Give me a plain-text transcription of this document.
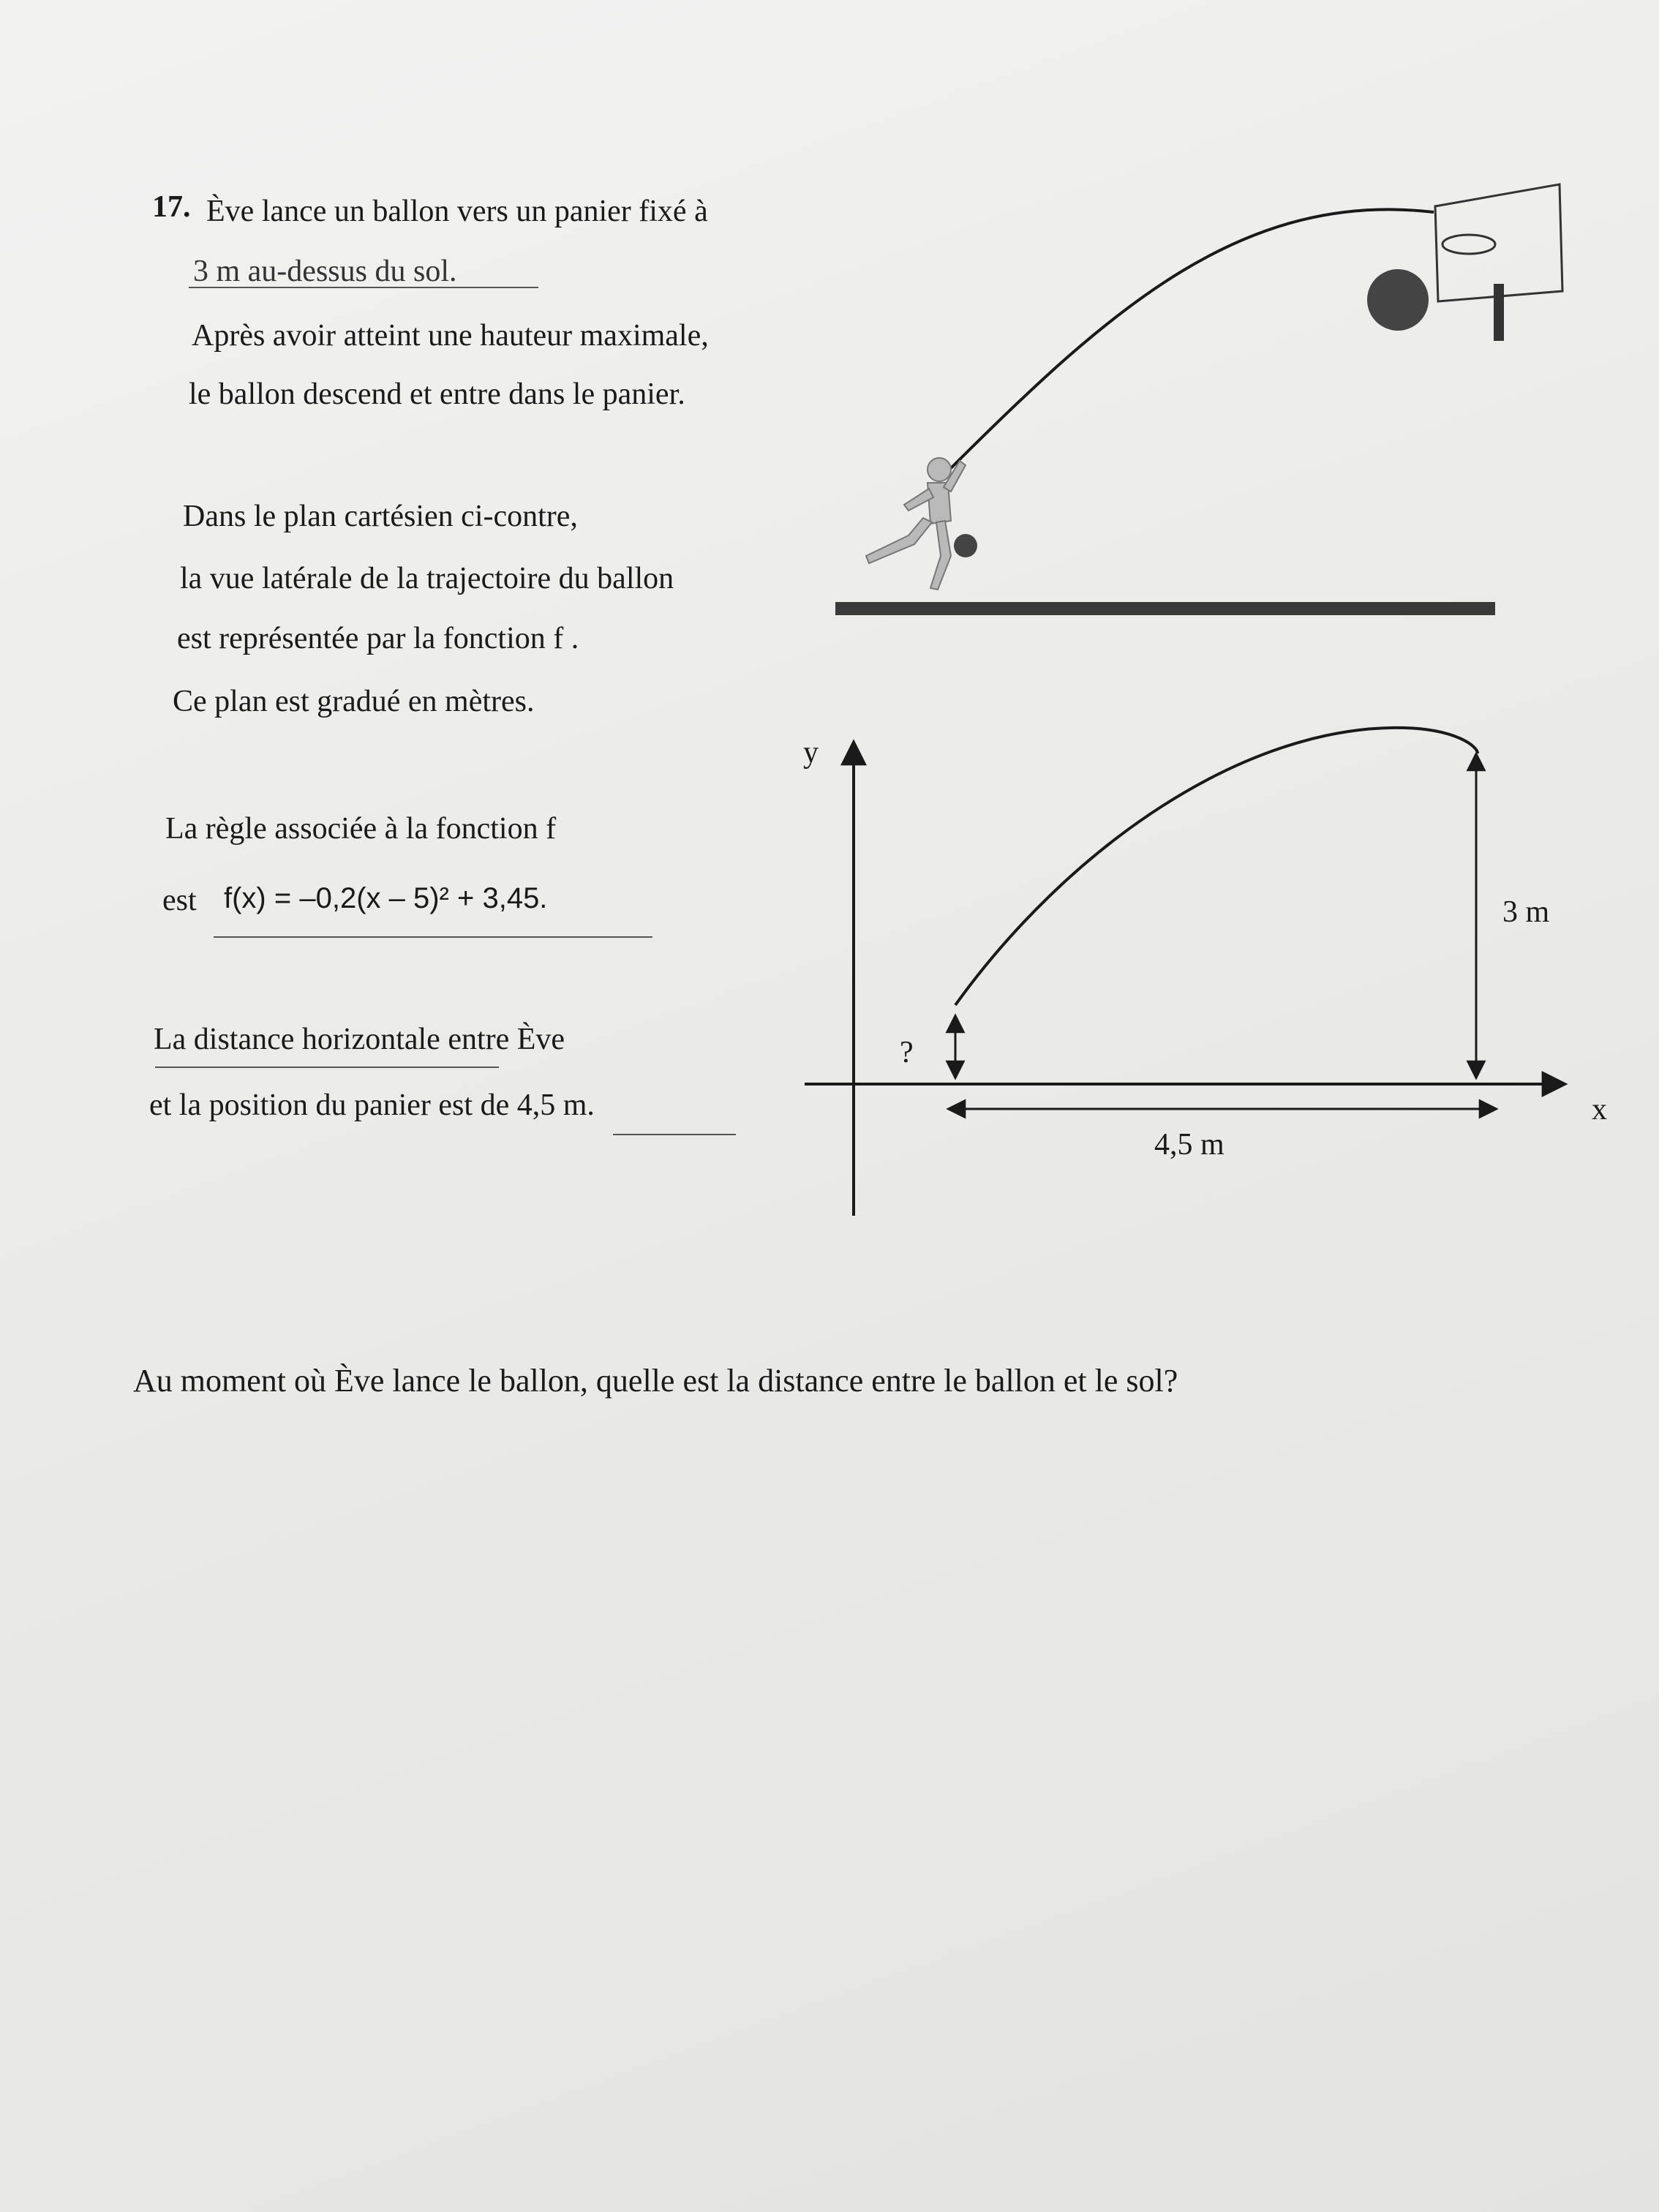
17. Ève lance un ballon vers un panier fixé à
3 m au-dessus du sol.
Après avoir atteint une hauteur maximale,
le ballon descend et entre dans le panier.
Dans le plan cartésien ci-contre,
la vue latérale de la trajectoire du ballon
est représentée par la fonction f .
Ce plan est gradué en mètres.
La règle associée à la fonction f
est f(x) = –0,2(x – 5)² + 3,45.
La distance horizontale entre Ève
et la position du panier est de 4,5 m.
Au moment où Ève lance le ballon, quelle est la distance entre le ballon et le sol?
y
x
?
3 m
4,5 m
